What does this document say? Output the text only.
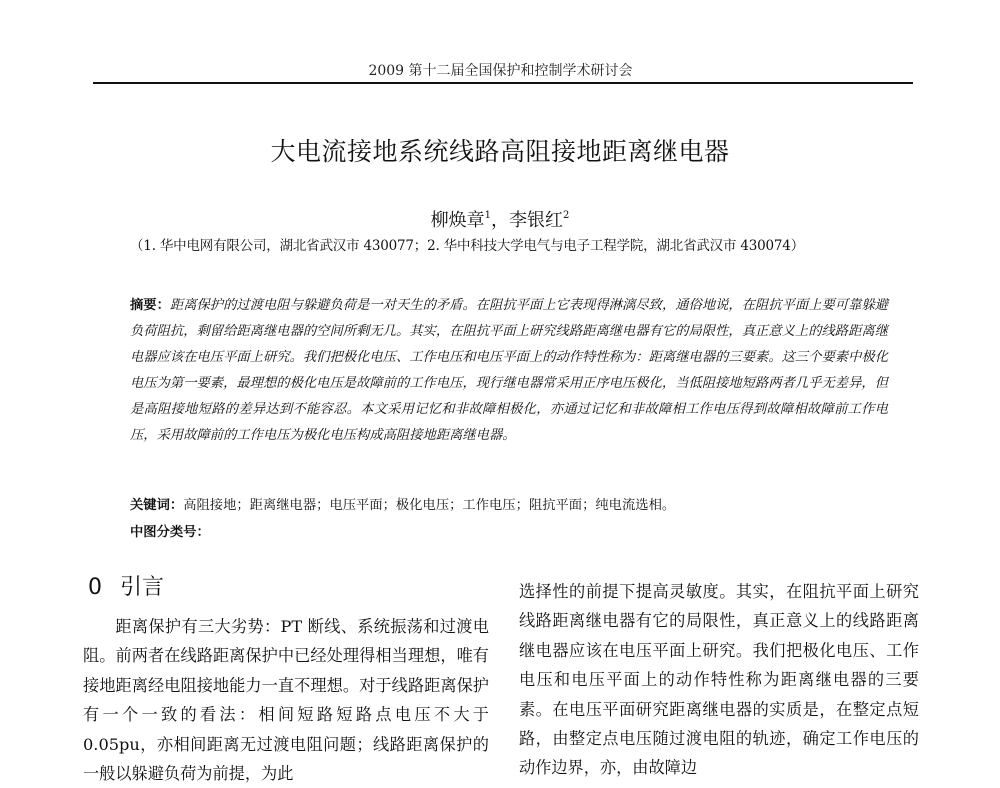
2009 第十二届全国保护和控制学术研讨会
大电流接地系统线路高阻接地距离继电器
柳焕章$^1$，李银红$^2$
（1. 华中电网有限公司，湖北省武汉市 430077；2. 华中科技大学电气与电子工程学院，湖北省武汉市 430074）
摘要：距离保护的过渡电阻与躲避负荷是一对天生的矛盾。在阻抗平面上它表现得淋漓尽致，通俗地说，在阻抗平面上要可靠躲避负荷阻抗，剩留给距离继电器的空间所剩无几。其实，在阻抗平面上研究线路距离继电器有它的局限性，真正意义上的线路距离继电器应该在电压平面上研究。我们把极化电压、工作电压和电压平面上的动作特性称为：距离继电器的三要素。这三个要素中极化电压为第一要素，最理想的极化电压是故障前的工作电压，现行继电器常采用正序电压极化，当低阻接地短路两者几乎无差异，但是高阻接地短路的差异达到不能容忍。本文采用记忆和非故障相极化，亦通过记忆和非故障相工作电压得到故障相故障前工作电压，采用故障前的工作电压为极化电压构成高阻接地距离继电器。
关键词：高阻接地；距离继电器；电压平面；极化电压；工作电压；阻抗平面；纯电流选相。
中图分类号：
0 引言

距离保护有三大劣势：PT 断线、系统振荡和过渡电阻。前两者在线路距离保护中已经处理得相当理想，唯有接地距离经电阻接地能力一直不理想。对于线路距离保护有一个一致的看法：相间短路短路点电压不大于 0.05pu，亦相间距离无过渡电阻问题；线路距离保护的一般以躲避负荷为前提，为此

选择性的前提下提高灵敏度。其实，在阻抗平面上研究线路距离继电器有它的局限性，真正意义上的线路距离继电器应该在电压平面上研究。我们把极化电压、工作电压和电压平面上的动作特性称为距离继电器的三要素。在电压平面研究距离继电器的实质是，在整定点短路，由整定点电压随过渡电阻的轨迹，确定工作电压的动作边界，亦，由故障边
